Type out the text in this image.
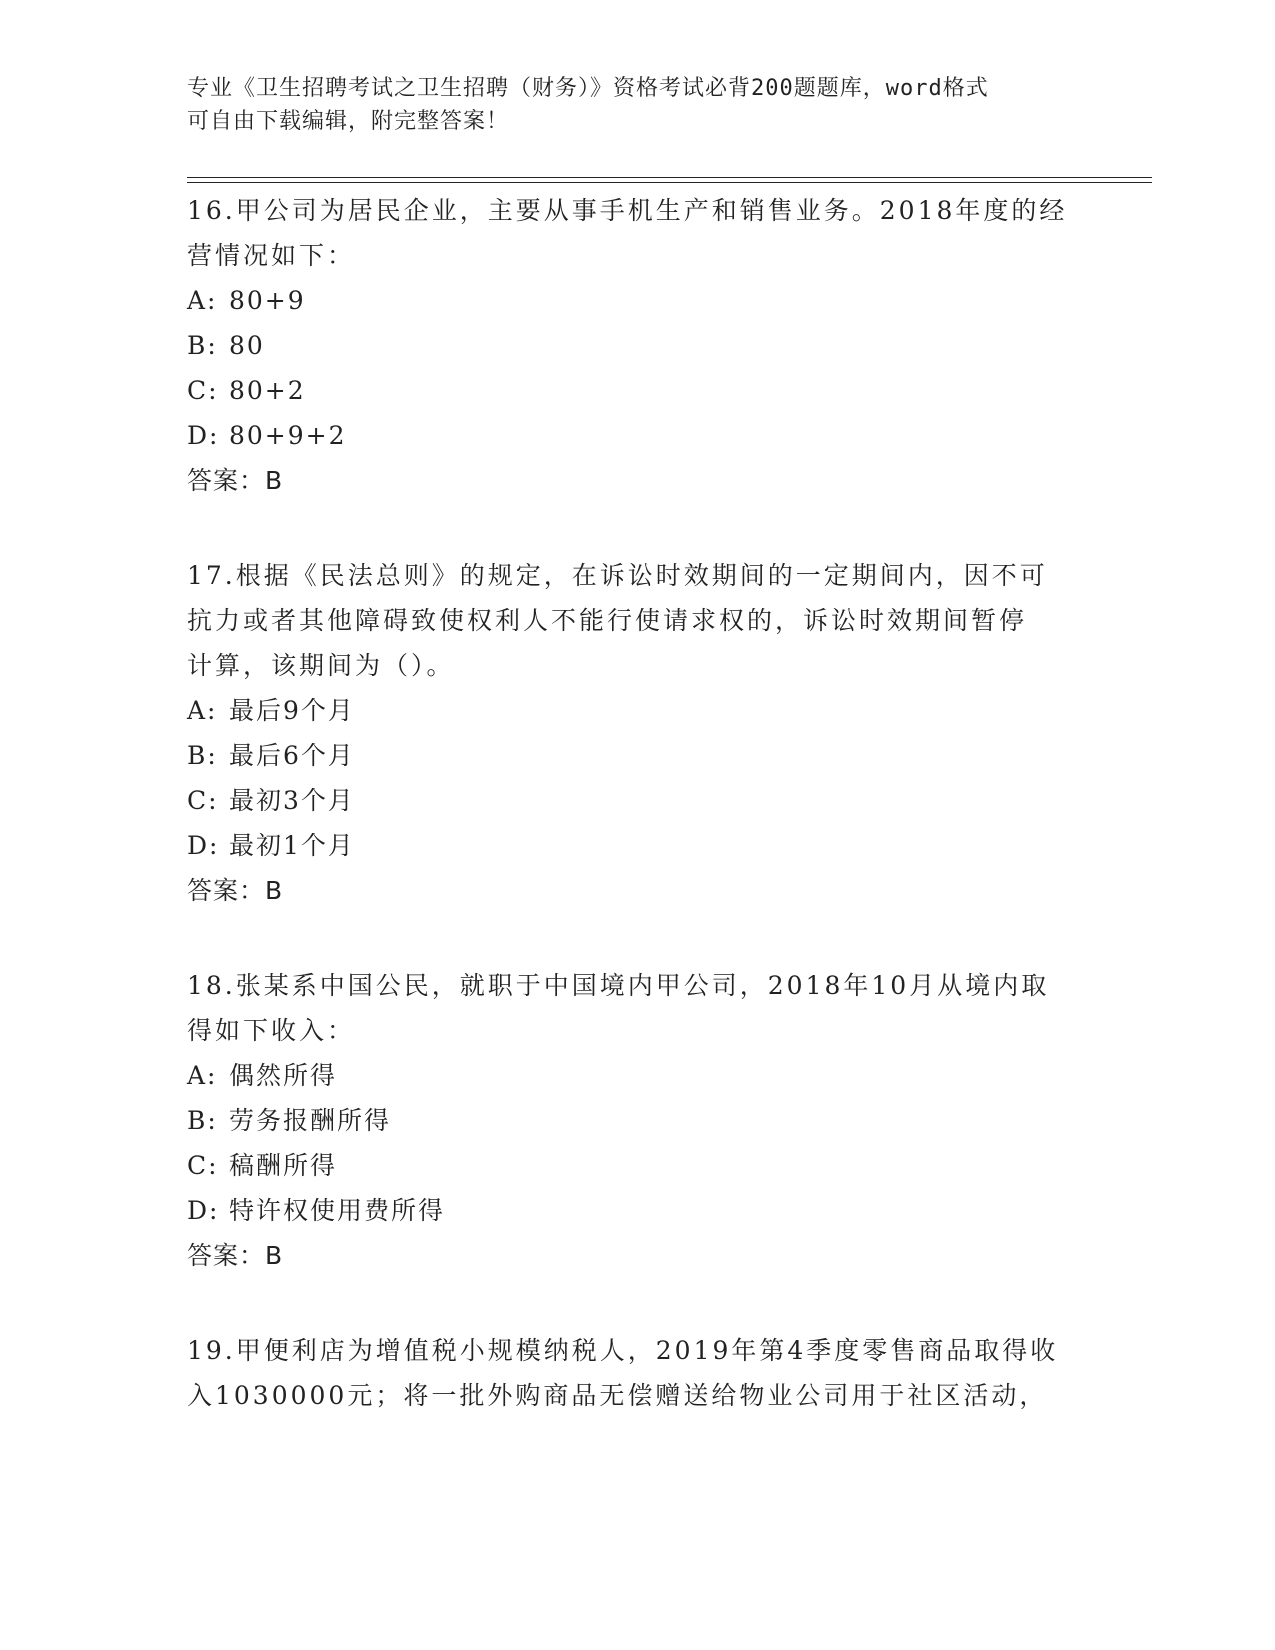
专业《卫生招聘考试之卫生招聘（财务）》资格考试必背200题题库，word格式
可自由下载编辑，附完整答案！

16.甲公司为居民企业，主要从事手机生产和销售业务。2018年度的经

营情况如下：

A: 80+9

B: 80

C: 80+2

D: 80+9+2

答案：B

17.根据《民法总则》的规定，在诉讼时效期间的一定期间内，因不可

抗力或者其他障碍致使权利人不能行使请求权的，诉讼时效期间暂停

计算，该期间为（）。

A: 最后9个月

B: 最后6个月

C: 最初3个月

D: 最初1个月

答案：B

18.张某系中国公民，就职于中国境内甲公司，2018年10月从境内取

得如下收入：

A: 偶然所得

B: 劳务报酬所得

C: 稿酬所得

D: 特许权使用费所得

答案：B

19.甲便利店为增值税小规模纳税人，2019年第4季度零售商品取得收

入1030000元；将一批外购商品无偿赠送给物业公司用于社区活动，
